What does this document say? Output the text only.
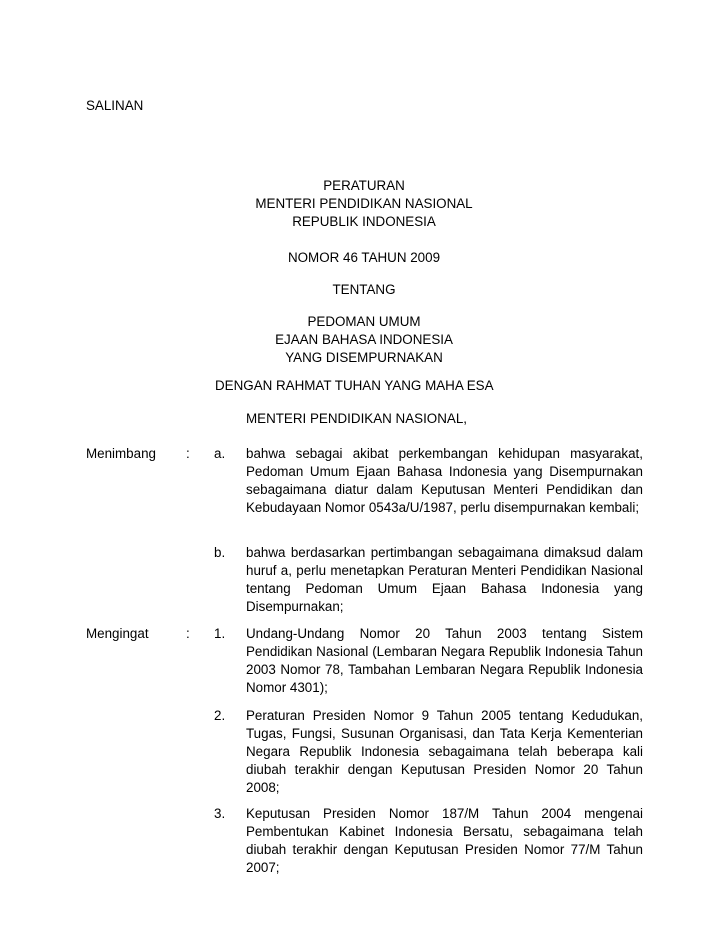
SALINAN
PERATURAN
MENTERI PENDIDIKAN NASIONAL
REPUBLIK INDONESIA
NOMOR 46 TAHUN 2009
TENTANG
PEDOMAN UMUM
EJAAN BAHASA INDONESIA
YANG DISEMPURNAKAN
DENGAN RAHMAT TUHAN YANG MAHA ESA
MENTERI PENDIDIKAN NASIONAL,
Menimbang : a. bahwa sebagai akibat perkembangan kehidupan masyarakat, Pedoman Umum Ejaan Bahasa Indonesia yang Disempurnakan sebagaimana diatur dalam Keputusan Menteri Pendidikan dan Kebudayaan Nomor 0543a/U/1987, perlu disempurnakan kembali;
b. bahwa berdasarkan pertimbangan sebagaimana dimaksud dalam huruf a, perlu menetapkan Peraturan Menteri Pendidikan Nasional tentang Pedoman Umum Ejaan Bahasa Indonesia yang Disempurnakan;
Mengingat	: 1. Undang-Undang Nomor 20 Tahun 2003 tentang Sistem Pendidikan Nasional (Lembaran Negara Republik Indonesia Tahun 2003 Nomor 78, Tambahan Lembaran Negara Republik Indonesia Nomor 4301);
2. Peraturan Presiden Nomor 9 Tahun 2005 tentang Kedudukan, Tugas, Fungsi, Susunan Organisasi, dan Tata Kerja Kementerian Negara Republik Indonesia sebagaimana telah beberapa kali diubah terakhir dengan Keputusan Presiden Nomor 20 Tahun 2008;
3. Keputusan Presiden Nomor 187/M Tahun 2004 mengenai Pembentukan Kabinet Indonesia Bersatu, sebagaimana telah diubah terakhir dengan Keputusan Presiden Nomor 77/M Tahun 2007;
